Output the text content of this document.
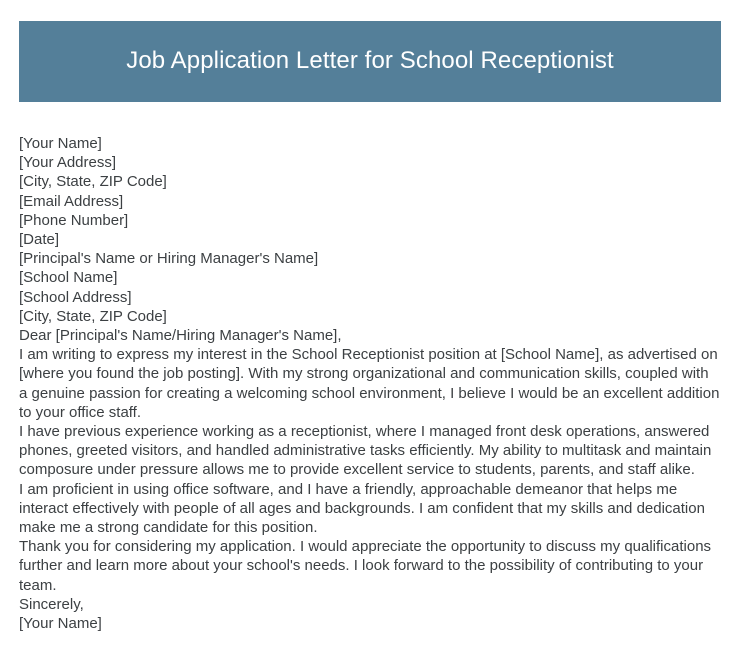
Job Application Letter for School Receptionist
[Your Name]
[Your Address]
[City, State, ZIP Code]
[Email Address]
[Phone Number]
[Date]
[Principal's Name or Hiring Manager's Name]
[School Name]
[School Address]
[City, State, ZIP Code]
Dear [Principal's Name/Hiring Manager's Name],

I am writing to express my interest in the School Receptionist position at [School Name], as advertised on [where you found the job posting]. With my strong organizational and communication skills, coupled with a genuine passion for creating a welcoming school environment, I believe I would be an excellent addition to your office staff.

I have previous experience working as a receptionist, where I managed front desk operations, answered phones, greeted visitors, and handled administrative tasks efficiently. My ability to multitask and maintain composure under pressure allows me to provide excellent service to students, parents, and staff alike.

I am proficient in using office software, and I have a friendly, approachable demeanor that helps me interact effectively with people of all ages and backgrounds. I am confident that my skills and dedication make me a strong candidate for this position.

Thank you for considering my application. I would appreciate the opportunity to discuss my qualifications further and learn more about your school's needs. I look forward to the possibility of contributing to your team.

Sincerely,
[Your Name]
